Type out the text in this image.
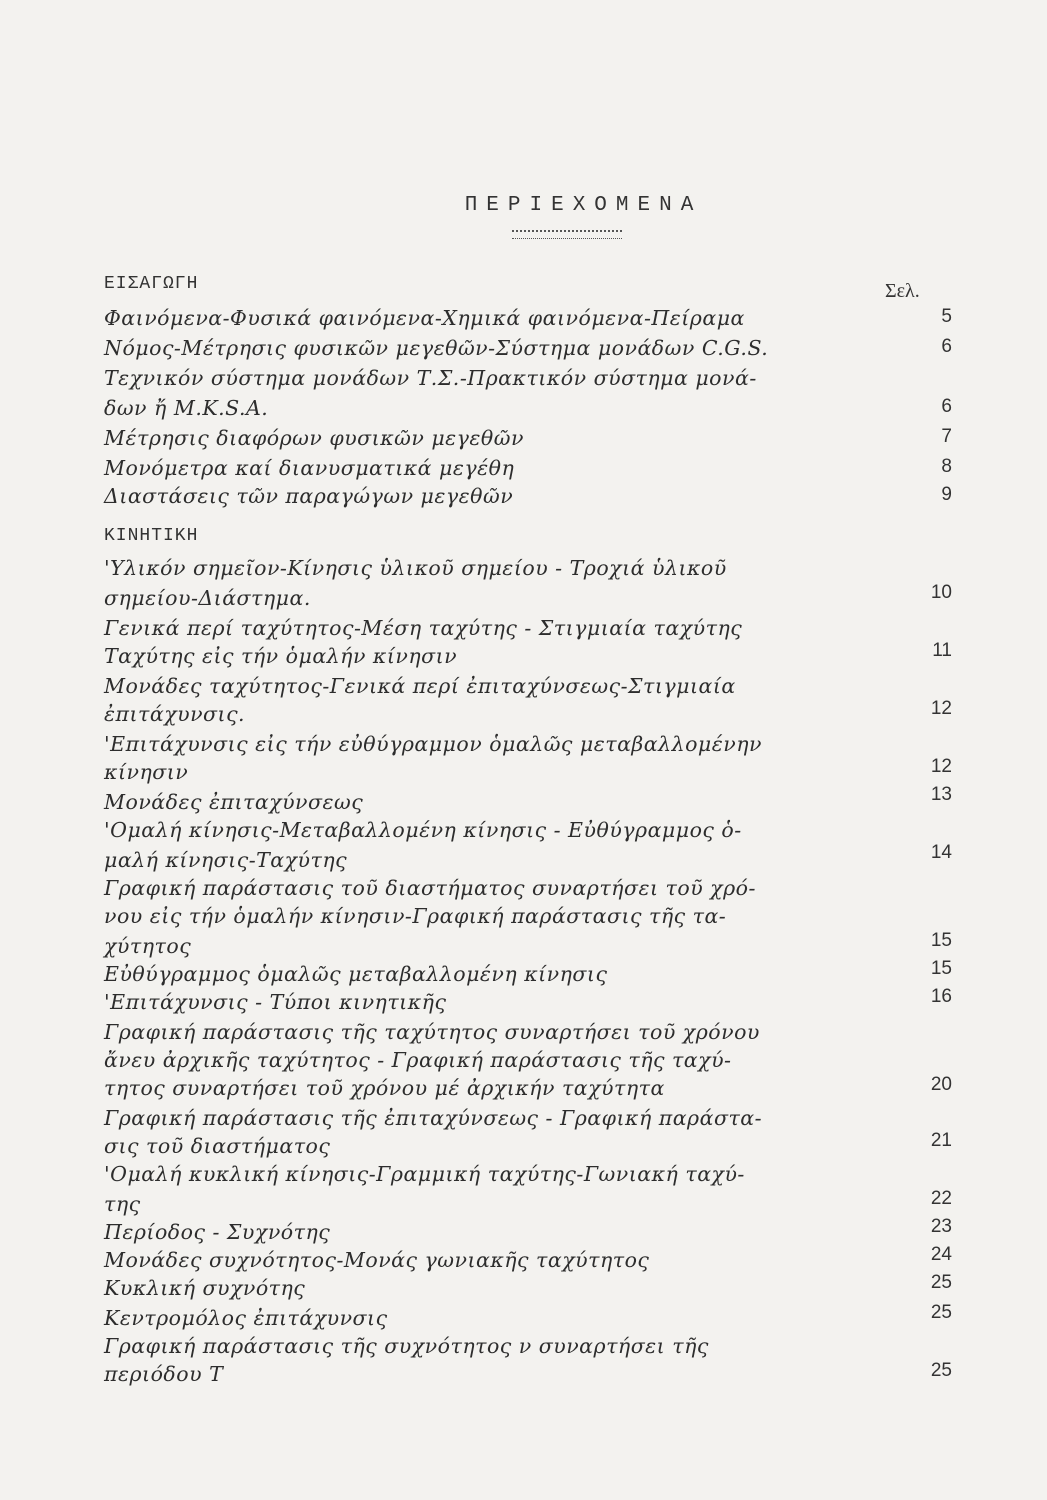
ΠΕΡΙΕΧΟΜΕΝΑ
ΕΙΣΑΓΩΓΗ	Σελ.
Φαινόμενα-Φυσικά φαινόμενα-Χημικά φαινόμενα-Πείραμα	5
Νόμος-Μέτρησις φυσικῶν μεγεθῶν-Σύστημα μονάδων C.G.S.	6
Τεχνικόν σύστημα μονάδων Τ.Σ.-Πρακτικόν σύστημα μονά-
δων ἤ M.K.S.A.	6
Μέτρησις διαφόρων φυσικῶν μεγεθῶν	7
Μονόμετρα καί διανυσματικά μεγέθη	8
Διαστάσεις τῶν παραγώγων μεγεθῶν	9
ΚΙΝΗΤΙΚΗ
'Υλικόν σημεῖον-Κίνησις ὑλικοῦ σημείου - Τροχιά ὑλικοῦ
σημείου-Διάστημα.	10
Γενικά περί ταχύτητος-Μέση ταχύτης - Στιγμιαία ταχύτης
Ταχύτης εἰς τήν ὁμαλήν κίνησιν	11
Μονάδες ταχύτητος-Γενικά περί ἐπιταχύνσεως-Στιγμιαία
ἐπιτάχυνσις.	12
'Επιτάχυνσις εἰς τήν εὐθύγραμμον ὁμαλῶς μεταβαλλομένην
κίνησιν	12
Μονάδες ἐπιταχύνσεως	13
'Ομαλή κίνησις-Μεταβαλλομένη κίνησις - Εὐθύγραμμος ὁ-
μαλή κίνησις-Ταχύτης	14
Γραφική παράστασις τοῦ διαστήματος συναρτήσει τοῦ χρό-
νου εἰς τήν ὁμαλήν κίνησιν-Γραφική παράστασις τῆς τα-
χύτητος	15
Εὐθύγραμμος ὁμαλῶς μεταβαλλομένη κίνησις	15
'Επιτάχυνσις - Τύποι κινητικῆς	16
Γραφική παράστασις τῆς ταχύτητος συναρτήσει τοῦ χρόνου
ἄνευ ἀρχικῆς ταχύτητος - Γραφική παράστασις τῆς ταχύ-
τητος συναρτήσει τοῦ χρόνου μέ ἀρχικήν ταχύτητα	20
Γραφική παράστασις τῆς ἐπιταχύνσεως - Γραφική παράστα-
σις τοῦ διαστήματος	21
'Ομαλή κυκλική κίνησις-Γραμμική ταχύτης-Γωνιακή ταχύ-
της	22
Περίοδος - Συχνότης	23
Μονάδες συχνότητος-Μονάς γωνιακῆς ταχύτητος	24
Κυκλική συχνότης	25
Κεντρομόλος ἐπιτάχυνσις	25
Γραφική παράστασις τῆς συχνότητος ν συναρτήσει τῆς
περιόδου Τ	25
